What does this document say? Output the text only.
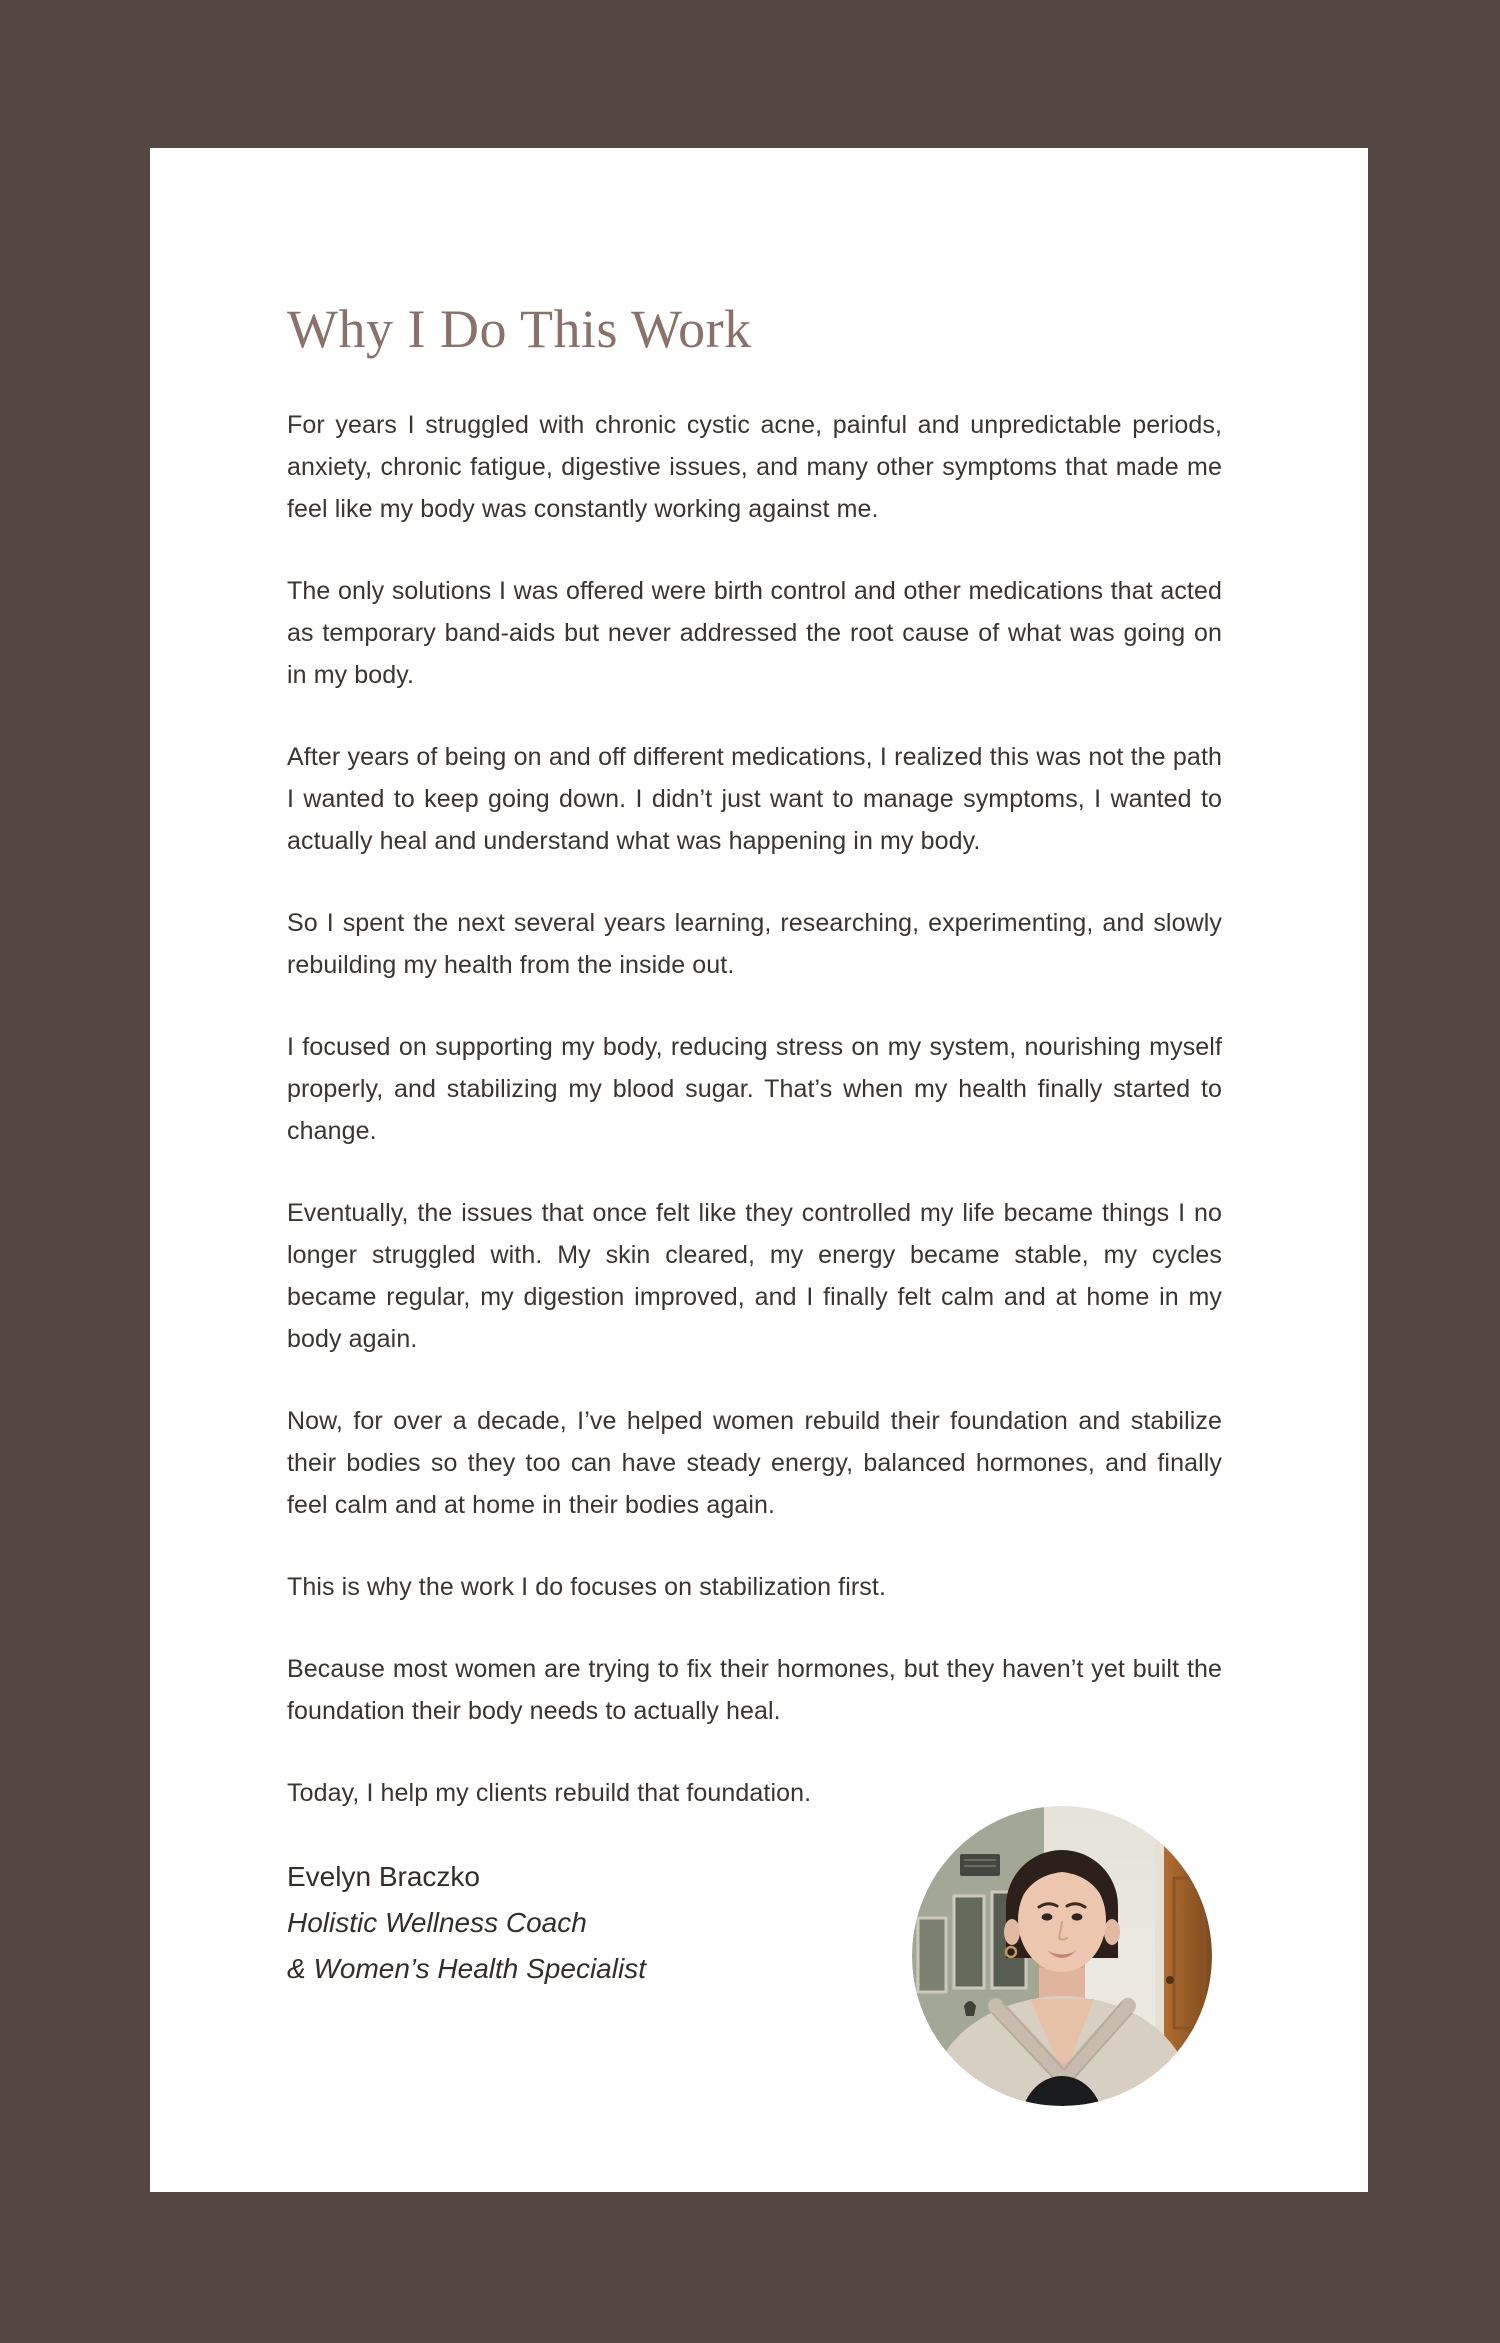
Why I Do This Work

For years I struggled with chronic cystic acne, painful and unpredictable periods, anxiety, chronic fatigue, digestive issues, and many other symptoms that made me feel like my body was constantly working against me.

The only solutions I was offered were birth control and other medications that acted as temporary band-aids but never addressed the root cause of what was going on in my body.

After years of being on and off different medications, I realized this was not the path I wanted to keep going down. I didn’t just want to manage symptoms, I wanted to actually heal and understand what was happening in my body.

So I spent the next several years learning, researching, experimenting, and slowly rebuilding my health from the inside out.

I focused on supporting my body, reducing stress on my system, nourishing myself properly, and stabilizing my blood sugar. That’s when my health finally started to change.

Eventually, the issues that once felt like they controlled my life became things I no longer struggled with. My skin cleared, my energy became stable, my cycles became regular, my digestion improved, and I finally felt calm and at home in my body again.

Now, for over a decade, I’ve helped women rebuild their foundation and stabilize their bodies so they too can have steady energy, balanced hormones, and finally feel calm and at home in their bodies again.

This is why the work I do focuses on stabilization first.

Because most women are trying to fix their hormones, but they haven’t yet built the foundation their body needs to actually heal.

Today, I help my clients rebuild that foundation.

Evelyn Braczko
Holistic Wellness Coach
& Women’s Health Specialist
